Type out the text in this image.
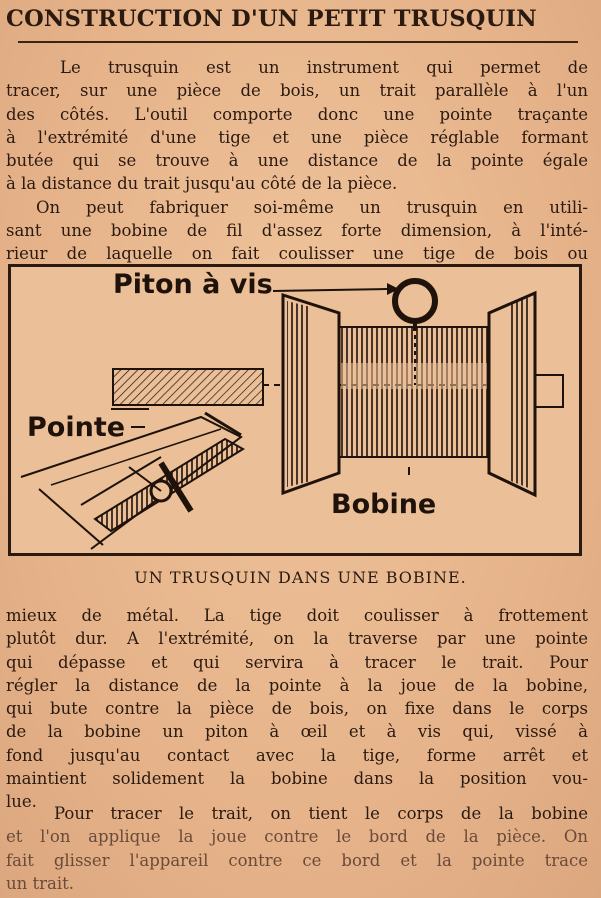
CONSTRUCTION D'UN PETIT TRUSQUIN
Le trusquin est un instrument qui permet de
tracer, sur une pièce de bois, un trait parallèle à l'un
des côtés. L'outil comporte donc une pointe traçante
à l'extrémité d'une tige et une pièce réglable formant
butée qui se trouve à une distance de la pointe égale
à la distance du trait jusqu'au côté de la pièce.
On peut fabriquer soi-même un trusquin en utili-
sant une bobine de fil d'assez forte dimension, à l'inté-
rieur de laquelle on fait coulisser une tige de bois ou
Piton à vis
Pointe
Bobine
UN TRUSQUIN DANS UNE BOBINE.
mieux de métal. La tige doit coulisser à frottement
plutôt dur. A l'extrémité, on la traverse par une pointe
qui dépasse et qui servira à tracer le trait. Pour
régler la distance de la pointe à la joue de la bobine,
qui bute contre la pièce de bois, on fixe dans le corps
de la bobine un piton à œil et à vis qui, vissé à
fond jusqu'au contact avec la tige, forme arrêt et
maintient solidement la bobine dans la position vou-
lue.
Pour tracer le trait, on tient le corps de la bobine
et l'on applique la joue contre le bord de la pièce. On
fait glisser l'appareil contre ce bord et la pointe trace
un trait.
